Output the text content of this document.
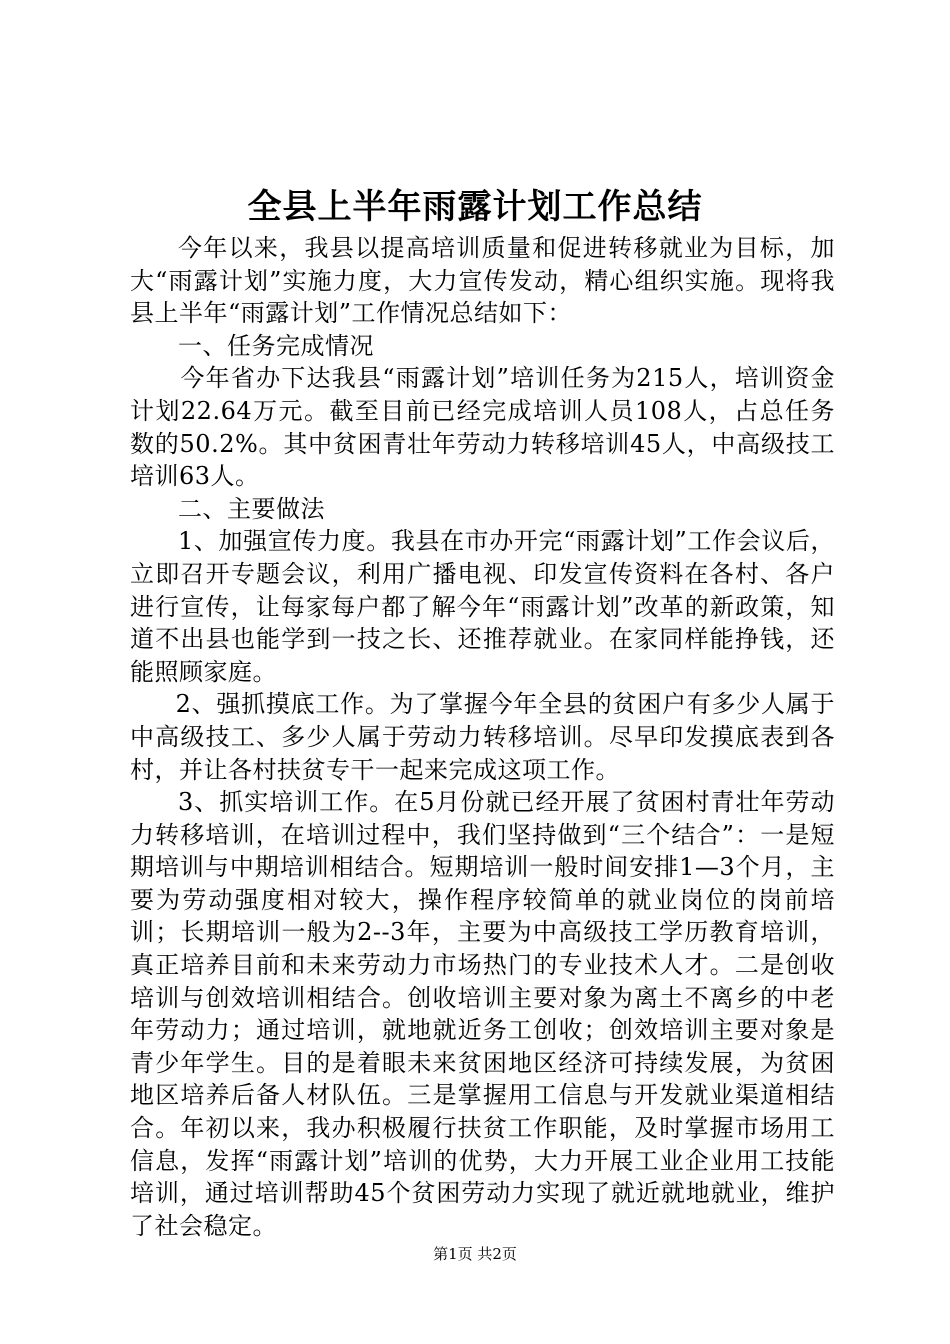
全县上半年雨露计划工作总结

今年以来，我县以提高培训质量和促进转移就业为目标，加大“雨露计划”实施力度，大力宣传发动，精心组织实施。现将我县上半年“雨露计划”工作情况总结如下：

一、任务完成情况

今年省办下达我县“雨露计划”培训任务为215人，培训资金计划22.64万元。截至目前已经完成培训人员108人，占总任务数的50.2%。其中贫困青壮年劳动力转移培训45人，中高级技工培训63人。

二、主要做法

1、加强宣传力度。我县在市办开完“雨露计划”工作会议后，立即召开专题会议，利用广播电视、印发宣传资料在各村、各户进行宣传，让每家每户都了解今年“雨露计划”改革的新政策，知道不出县也能学到一技之长、还推荐就业。在家同样能挣钱，还能照顾家庭。

2、强抓摸底工作。为了掌握今年全县的贫困户有多少人属于中高级技工、多少人属于劳动力转移培训。尽早印发摸底表到各村，并让各村扶贫专干一起来完成这项工作。

3、抓实培训工作。在5月份就已经开展了贫困村青壮年劳动力转移培训，在培训过程中，我们坚持做到“三个结合”：一是短期培训与中期培训相结合。短期培训一般时间安排1—3个月，主要为劳动强度相对较大，操作程序较简单的就业岗位的岗前培训；长期培训一般为2--3年，主要为中高级技工学历教育培训，真正培养目前和未来劳动力市场热门的专业技术人才。二是创收培训与创效培训相结合。创收培训主要对象为离土不离乡的中老年劳动力；通过培训，就地就近务工创收；创效培训主要对象是青少年学生。目的是着眼未来贫困地区经济可持续发展，为贫困地区培养后备人材队伍。三是掌握用工信息与开发就业渠道相结合。年初以来，我办积极履行扶贫工作职能，及时掌握市场用工信息，发挥“雨露计划”培训的优势，大力开展工业企业用工技能培训，通过培训帮助45个贫困劳动力实现了就近就地就业，维护了社会稳定。

第1页 共2页
